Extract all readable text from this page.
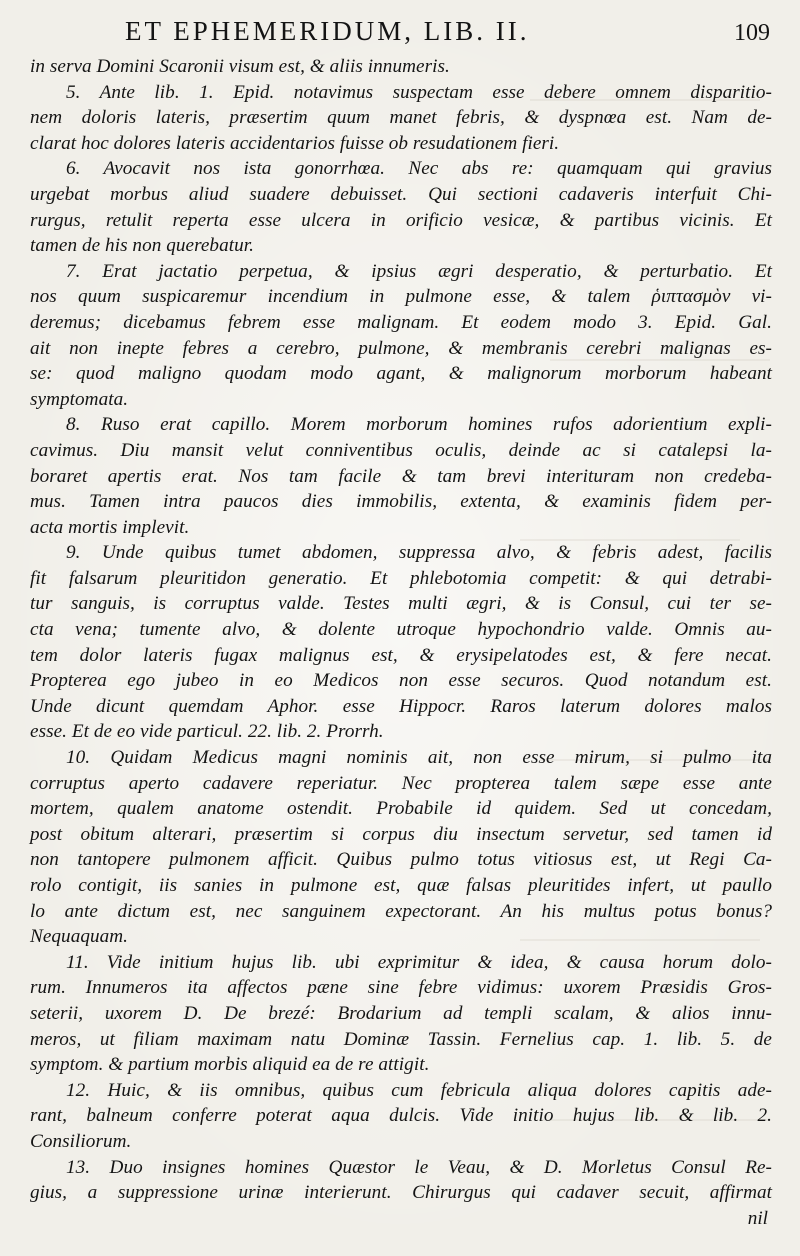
ET EPHEMERIDUM, LIB. II.	109
in serva Domini Scaronii visum est, & aliis innumeris.
5. Ante lib. 1. Epid. notavimus suspectam esse debere omnem disparitio-
nem doloris lateris, præsertim quum manet febris, & dyspnœa est. Nam de-
clarat hoc dolores lateris accidentarios fuisse ob resudationem fieri.
6. Avocavit nos ista gonorrhœa. Nec abs re: quamquam qui gravius
urgebat morbus aliud suadere debuisset. Qui sectioni cadaveris interfuit Chi-
rurgus, retulit reperta esse ulcera in orificio vesicæ, & partibus vicinis. Et
tamen de his non querebatur.
7. Erat jactatio perpetua, & ipsius ægri desperatio, & perturbatio. Et
nos quum suspicaremur incendium in pulmone esse, & talem ῥιπτασμὸν vi-
deremus; dicebamus febrem esse malignam. Et eodem modo 3. Epid. Gal.
ait non inepte febres a cerebro, pulmone, & membranis cerebri malignas es-
se: quod maligno quodam modo agant, & malignorum morborum habeant
symptomata.
8. Ruso erat capillo. Morem morborum homines rufos adorientium expli-
cavimus. Diu mansit velut conniventibus oculis, deinde ac si catalepsi la-
boraret apertis erat. Nos tam facile & tam brevi interituram non credeba-
mus. Tamen intra paucos dies immobilis, extenta, & examinis fidem per-
acta mortis implevit.
9. Unde quibus tumet abdomen, suppressa alvo, & febris adest, facilis
fit falsarum pleuritidon generatio. Et phlebotomia competit: & qui detrabi-
tur sanguis, is corruptus valde. Testes multi ægri, & is Consul, cui ter se-
cta vena; tumente alvo, & dolente utroque hypochondrio valde. Omnis au-
tem dolor lateris fugax malignus est, & erysipelatodes est, & fere necat.
Propterea ego jubeo in eo Medicos non esse securos. Quod notandum est.
Unde dicunt quemdam Aphor. esse Hippocr. Raros laterum dolores malos
esse. Et de eo vide particul. 22. lib. 2. Prorrh.
10. Quidam Medicus magni nominis ait, non esse mirum, si pulmo ita
corruptus aperto cadavere reperiatur. Nec propterea talem sæpe esse ante
mortem, qualem anatome ostendit. Probabile id quidem. Sed ut concedam,
post obitum alterari, præsertim si corpus diu insectum servetur, sed tamen id
non tantopere pulmonem afficit. Quibus pulmo totus vitiosus est, ut Regi Ca-
rolo contigit, iis sanies in pulmone est, quæ falsas pleuritides infert, ut paullo
lo ante dictum est, nec sanguinem expectorant. An his multus potus bonus?
Nequaquam.
11. Vide initium hujus lib. ubi exprimitur & idea, & causa horum dolo-
rum. Innumeros ita affectos pæne sine febre vidimus: uxorem Præsidis Gros-
seterii, uxorem D. De brezé: Brodarium ad templi scalam, & alios innu-
meros, ut filiam maximam natu Dominæ Tassin. Fernelius cap. 1. lib. 5. de
symptom. & partium morbis aliquid ea de re attigit.
12. Huic, & iis omnibus, quibus cum febricula aliqua dolores capitis ade-
rant, balneum conferre poterat aqua dulcis. Vide initio hujus lib. & lib. 2.
Consiliorum.
13. Duo insignes homines Quæstor le Veau, & D. Morletus Consul Re-
gius, a suppressione urinæ interierunt. Chirurgus qui cadaver secuit, affirmat
nil
